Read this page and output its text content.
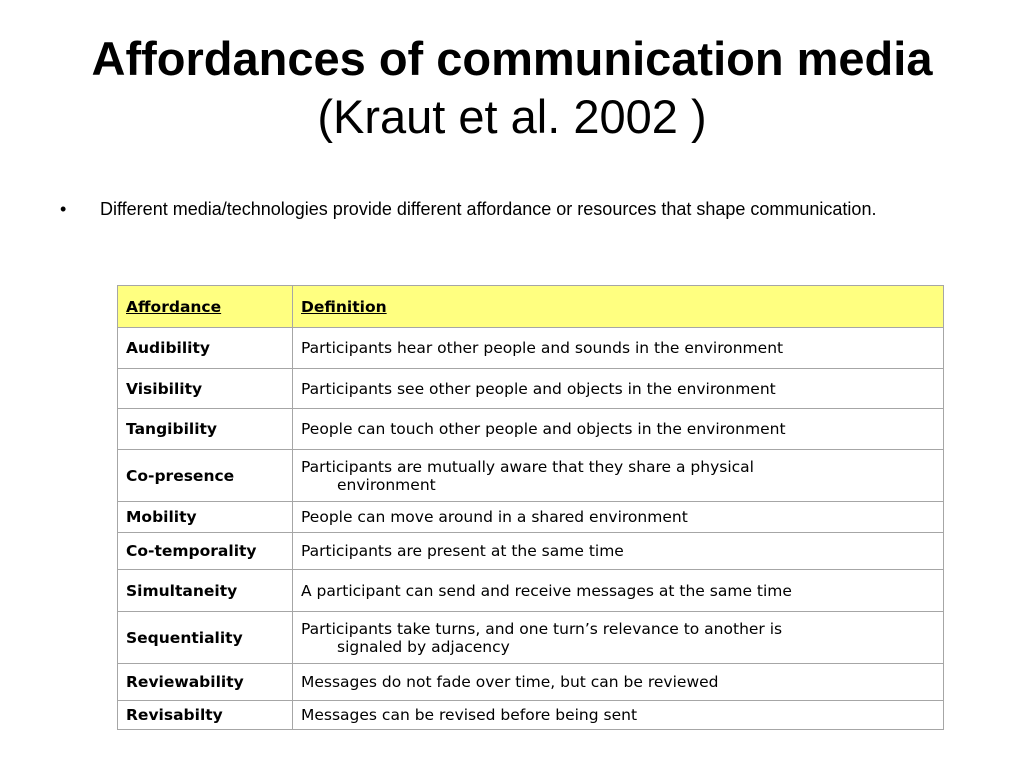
Affordances of communication media
(Kraut et al. 2002 )
• Different media/technologies provide different affordance or resources that shape communication.
Affordance	Definition
Audibility	Participants hear other people and sounds in the environment
Visibility	Participants see other people and objects in the environment
Tangibility	People can touch other people and objects in the environment
Co-presence	Participants are mutually aware that they share a physical
environment

Mobility	People can move around in a shared environment
Co-temporality	Participants are present at the same time
Simultaneity	A participant can send and receive messages at the same time
Sequentiality	Participants take turns, and one turn’s relevance to another is
signaled by adjacency

Reviewability	Messages do not fade over time, but can be reviewed
Revisabilty	Messages can be revised before being sent
